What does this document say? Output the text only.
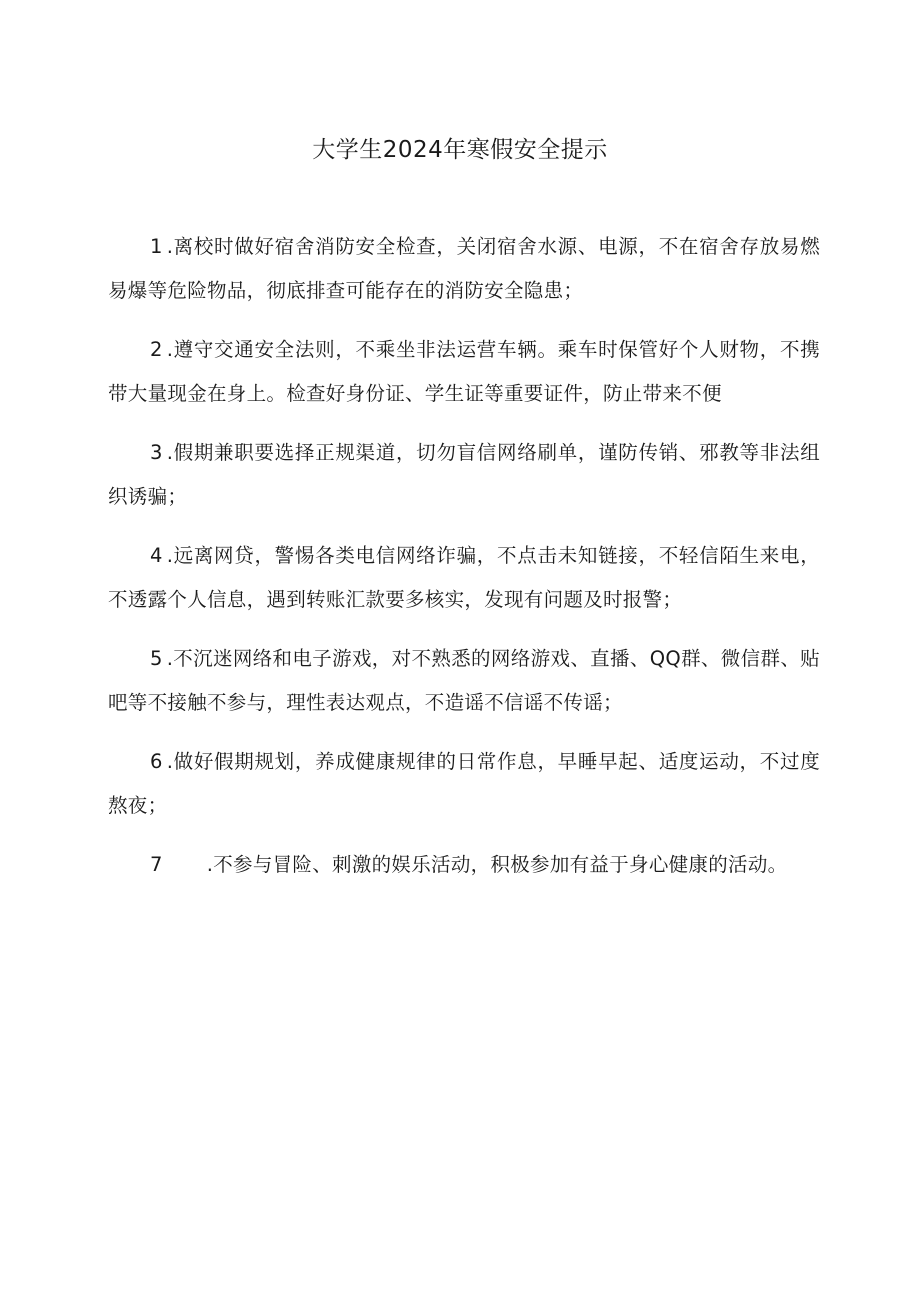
大学生2024年寒假安全提示
1 .离校时做好宿舍消防安全检查，关闭宿舍水源、电源，不在宿舍存放易燃易爆等危险物品，彻底排查可能存在的消防安全隐患；
2 .遵守交通安全法则，不乘坐非法运营车辆。乘车时保管好个人财物，不携带大量现金在身上。检查好身份证、学生证等重要证件，防止带来不便
3 .假期兼职要选择正规渠道，切勿盲信网络刷单，谨防传销、邪教等非法组织诱骗；
4 .远离网贷，警惕各类电信网络诈骗，不点击未知链接，不轻信陌生来电，不透露个人信息，遇到转账汇款要多核实，发现有问题及时报警；
5 .不沉迷网络和电子游戏，对不熟悉的网络游戏、直播、QQ群、微信群、贴吧等不接触不参与，理性表达观点，不造谣不信谣不传谣；
6 .做好假期规划，养成健康规律的日常作息，早睡早起、适度运动，不过度熬夜；
7 .不参与冒险、刺激的娱乐活动，积极参加有益于身心健康的活动。
